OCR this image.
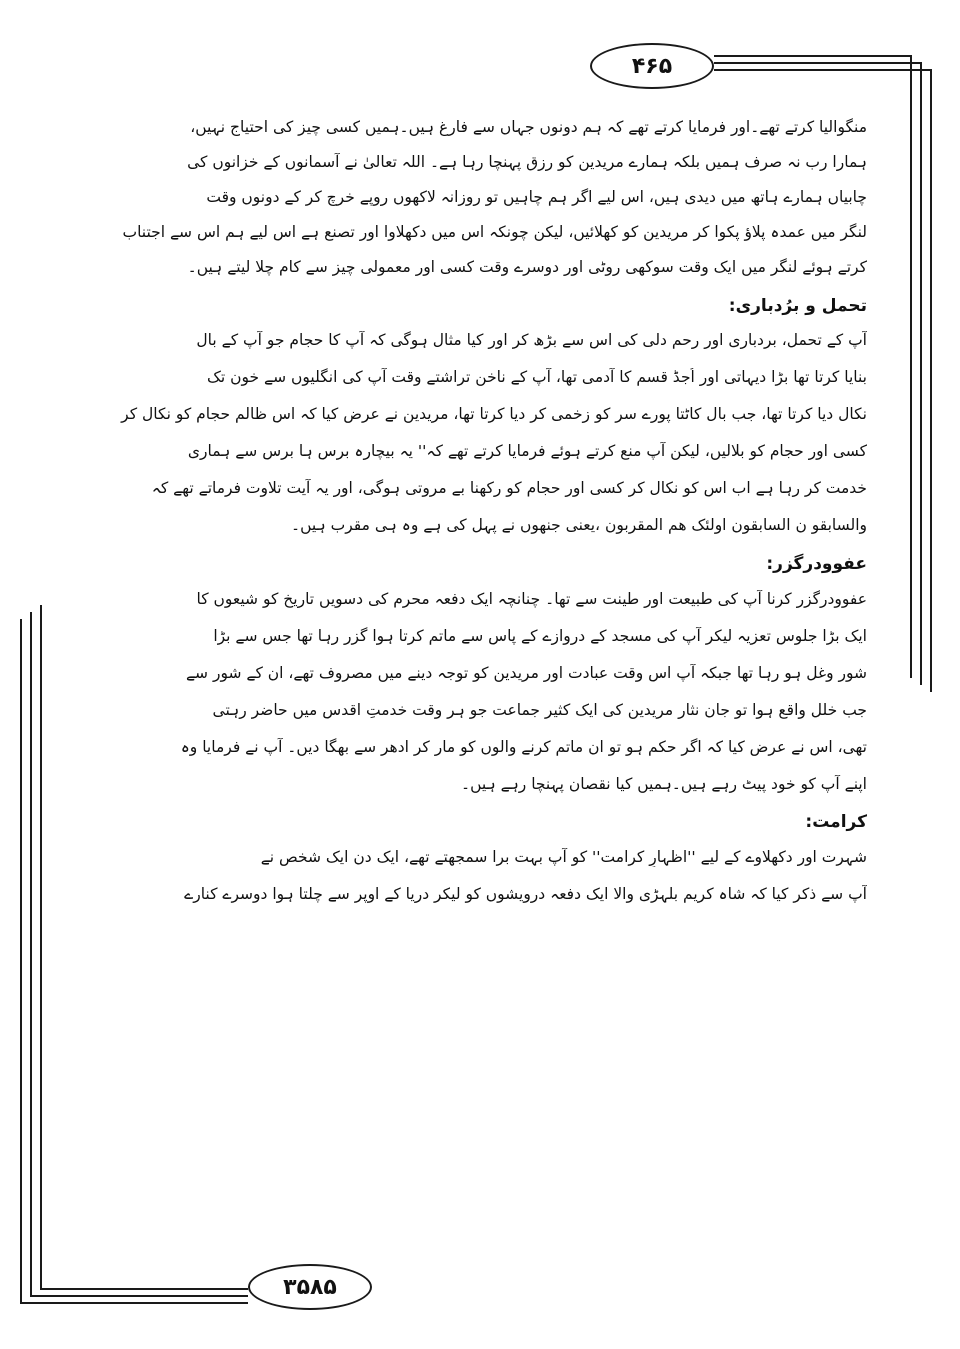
۴۶۵
۳۵۸۵
منگوالیا کرتے تھے۔اور فرمایا کرتے تھے کہ ہم دونوں جہاں سے فارغ ہیں۔ہمیں کسی چیز کی احتیاج نہیں،
ہمارا رب نہ صرف ہمیں بلکہ ہمارے مریدین کو رزق پہنچا رہا ہے۔ اللہ تعالیٰ نے آسمانوں کے خزانوں کی
چابیاں ہمارے ہاتھ میں دیدی ہیں، اس لیے اگر ہم چاہیں تو روزانہ لاکھوں روپے خرچ کر کے دونوں وقت
لنگر میں عمدہ پلاؤ پکوا کر مریدین کو کھلائیں، لیکن چونکہ اس میں دکھلاوا اور تصنع ہے اس لیے ہم اس سے اجتناب
کرتے ہوئے لنگر میں ایک وقت سوکھی روٹی اور دوسرے وقت کسی اور معمولی چیز سے کام چلا لیتے ہیں۔
تحمل و برُدباری:
آپ کے تحمل، بردباری اور رحم دلی کی اس سے بڑھ کر اور کیا مثال ہوگی کہ آپ کا حجام جو آپ کے بال
بنایا کرتا تھا بڑا دیہاتی اور اُجڈ قسم کا آدمی تھا، آپ کے ناخن تراشتے وقت آپ کی انگلیوں سے خون تک
نکال دیا کرتا تھا، جب بال کاٹتا پورے سر کو زخمی کر دیا کرتا تھا، مریدین نے عرض کیا کہ اس ظالم حجام کو نکال کر
کسی اور حجام کو بلالیں، لیکن آپ منع کرتے ہوئے فرمایا کرتے تھے کہ'' یہ بیچارہ برس ہا برس سے ہماری
خدمت کر رہا ہے اب اس کو نکال کر کسی اور حجام کو رکھنا بے مروتی ہوگی، اور یہ آیت تلاوت فرماتے تھے کہ
والسابقو ن السابقون اولئک ھم المقربون ،یعنی جنھوں نے پہل کی ہے وہ ہی مقرب ہیں۔
عفوودرگزر:
عفوودرگزر کرنا آپ کی طبیعت اور طینت سے تھا۔ چنانچہ ایک دفعہ محرم کی دسویں تاریخ کو شیعوں کا
ایک بڑا جلوس تعزیہ لیکر آپ کی مسجد کے دروازے کے پاس سے ماتم کرتا ہوا گزر رہا تھا جس سے بڑا
شور وغل ہو رہا تھا جبکہ آپ اس وقت عبادت اور مریدین کو توجہ دینے میں مصروف تھے، ان کے شور سے
جب خلل واقع ہوا تو جان نثار مریدین کی ایک کثیر جماعت جو ہر وقت خدمتِ اقدس میں حاضر رہتی
تھی، اس نے عرض کیا کہ اگر حکم ہو تو ان ماتم کرنے والوں کو مار کر ادھر سے بھگا دیں۔ آپ نے فرمایا وہ
اپنے آپ کو خود پیٹ رہے ہیں۔ہمیں کیا نقصان پہنچا رہے ہیں۔
کرامت:
شہرت اور دکھلاوے کے لیے ''اظہارِ کرامت'' کو آپ بہت برا سمجھتے تھے، ایک دن ایک شخص نے
آپ سے ذکر کیا کہ شاہ کریم بلہڑی والا ایک دفعہ درویشوں کو لیکر دریا کے اوپر سے چلتا ہوا دوسرے کنارے
